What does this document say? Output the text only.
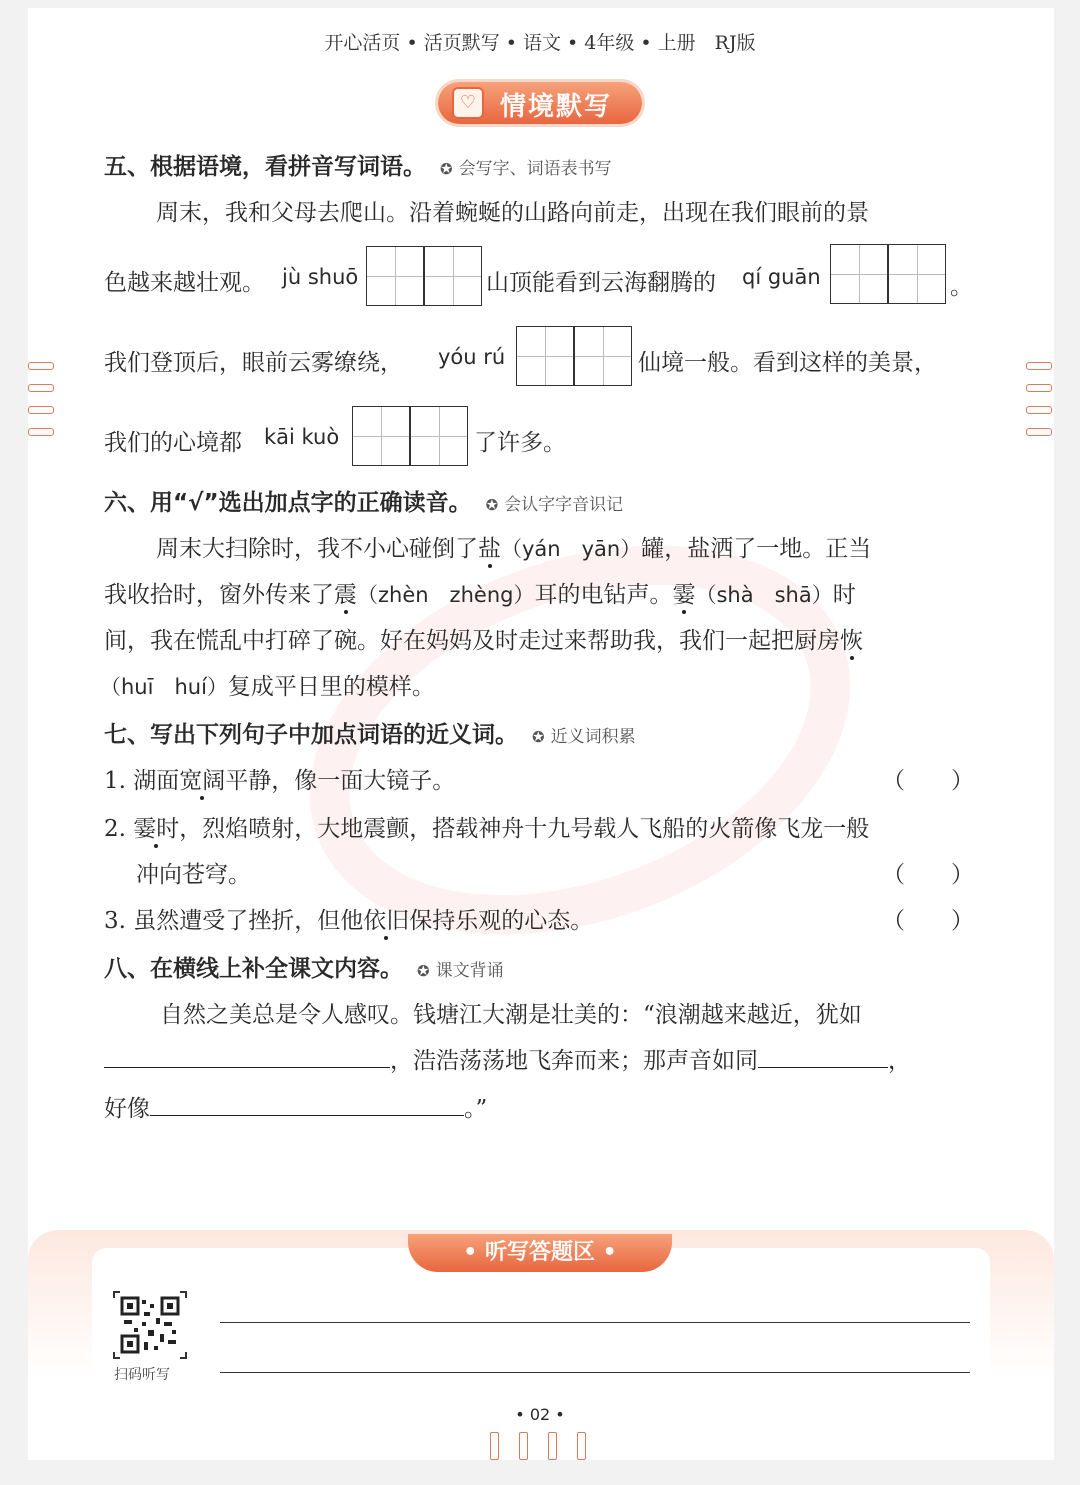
开心活页 • 活页默写 • 语文 • 4年级 • 上册　RJ版
♡ 情境默写
五、根据语境，看拼音写词语。 ✪ 会写字、词语表书写
周末，我和父母去爬山。沿着蜿蜒的山路向前走，出现在我们眼前的景
色越来越壮观。 jù shuō	山顶能看到云海翻腾的 qí guān	。
我们登顶后，眼前云雾缭绕， yóu rú	仙境一般。看到这样的美景，
我们的心境都 kāi kuò	了许多。
六、用“√”选出加点字的正确读音。 ✪ 会认字字音识记
周末大扫除时，我不小心碰倒了盐（yán　yān）罐，盐洒了一地。正当
我收拾时，窗外传来了震（zhèn　zhèng）耳的电钻声。霎（shà　shā）时
间，我在慌乱中打碎了碗。好在妈妈及时走过来帮助我，我们一起把厨房恢
（huī　huí）复成平日里的模样。
七、写出下列句子中加点词语的近义词。 ✪ 近义词积累
1. 湖面宽阔平静，像一面大镜子。	（　　）
2. 霎时，烈焰喷射，大地震颤，搭载神舟十九号载人飞船的火箭像飞龙一般
冲向苍穹。	（　　）
3. 虽然遭受了挫折，但他依旧保持乐观的心态。	（　　）
八、在横线上补全课文内容。 ✪ 课文背诵
自然之美总是令人感叹。钱塘江大潮是壮美的：“浪潮越来越近，犹如
，浩浩荡荡地飞奔而来；那声音如同	，
好像	。”
• 听写答题区 •
扫码听写
• 02 •
